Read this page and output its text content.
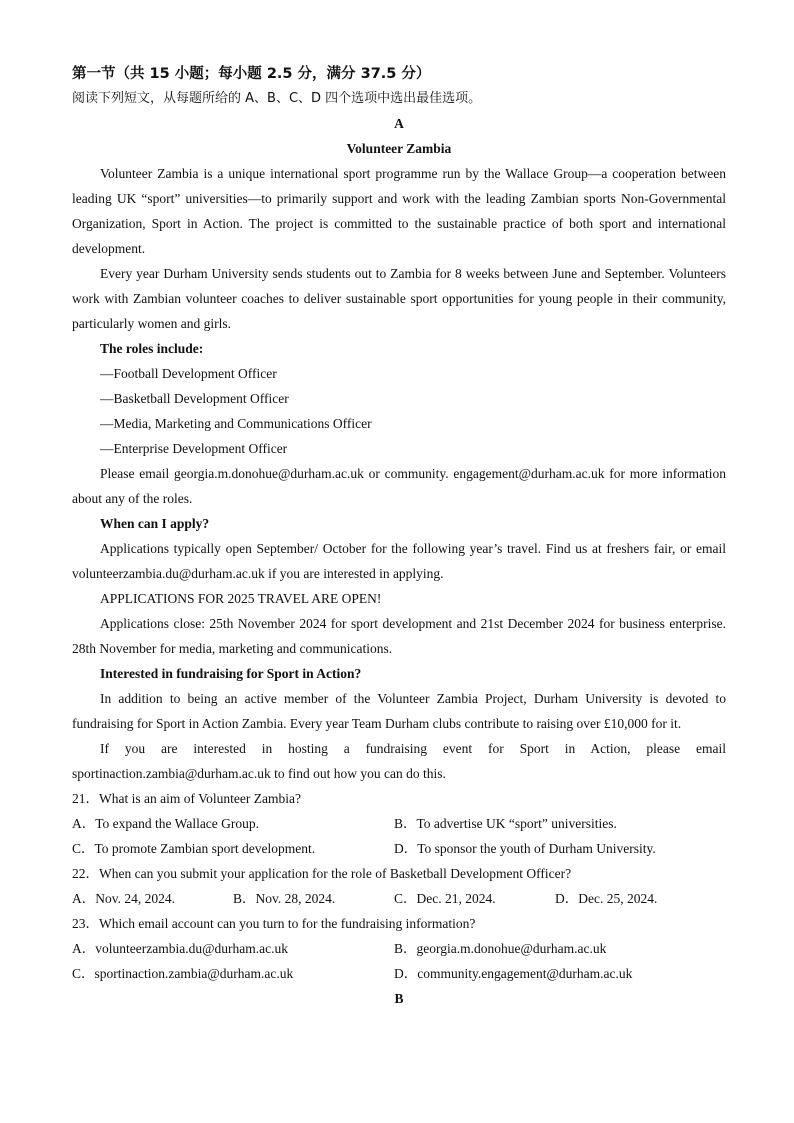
第一节（共 15 小题；每小题 2.5 分，满分 37.5 分）
阅读下列短文，从每题所给的 A、B、C、D 四个选项中选出最佳选项。
A
Volunteer Zambia

Volunteer Zambia is a unique international sport programme run by the Wallace Group—a cooperation between leading UK “sport” universities—to primarily support and work with the leading Zambian sports Non-Governmental Organization, Sport in Action. The project is committed to the sustainable practice of both sport and international development.

Every year Durham University sends students out to Zambia for 8 weeks between June and September. Volunteers work with Zambian volunteer coaches to deliver sustainable sport opportunities for young people in their community, particularly women and girls.

The roles include:
—Football Development Officer
—Basketball Development Officer
—Media, Marketing and Communications Officer
—Enterprise Development Officer

Please email georgia.m.donohue@durham.ac.uk or community. engagement@durham.ac.uk for more information about any of the roles.

When can I apply?

Applications typically open September/ October for the following year’s travel. Find us at freshers fair, or email volunteerzambia.du@durham.ac.uk if you are interested in applying.

APPLICATIONS FOR 2025 TRAVEL ARE OPEN!

Applications close: 25th November 2024 for sport development and 21st December 2024 for business enterprise. 28th November for media, marketing and communications.

Interested in fundraising for Sport in Action?

In addition to being an active member of the Volunteer Zambia Project, Durham University is devoted to fundraising for Sport in Action Zambia. Every year Team Durham clubs contribute to raising over £10,000 for it.

If you are interested in hosting a fundraising event for Sport in Action, please email sportinaction.zambia@durham.ac.uk to find out how you can do this.

21．What is an aim of Volunteer Zambia?
A．To expand the Wallace Group.	B．To advertise UK “sport” universities.
C．To promote Zambian sport development.	D．To sponsor the youth of Durham University.
22．When can you submit your application for the role of Basketball Development Officer?
A．Nov. 24, 2024.	B．Nov. 28, 2024.	C．Dec. 21, 2024.	D．Dec. 25, 2024.
23．Which email account can you turn to for the fundraising information?
A．volunteerzambia.du@durham.ac.uk	B．georgia.m.donohue@durham.ac.uk
C．sportinaction.zambia@durham.ac.uk	D．community.engagement@durham.ac.uk
B
